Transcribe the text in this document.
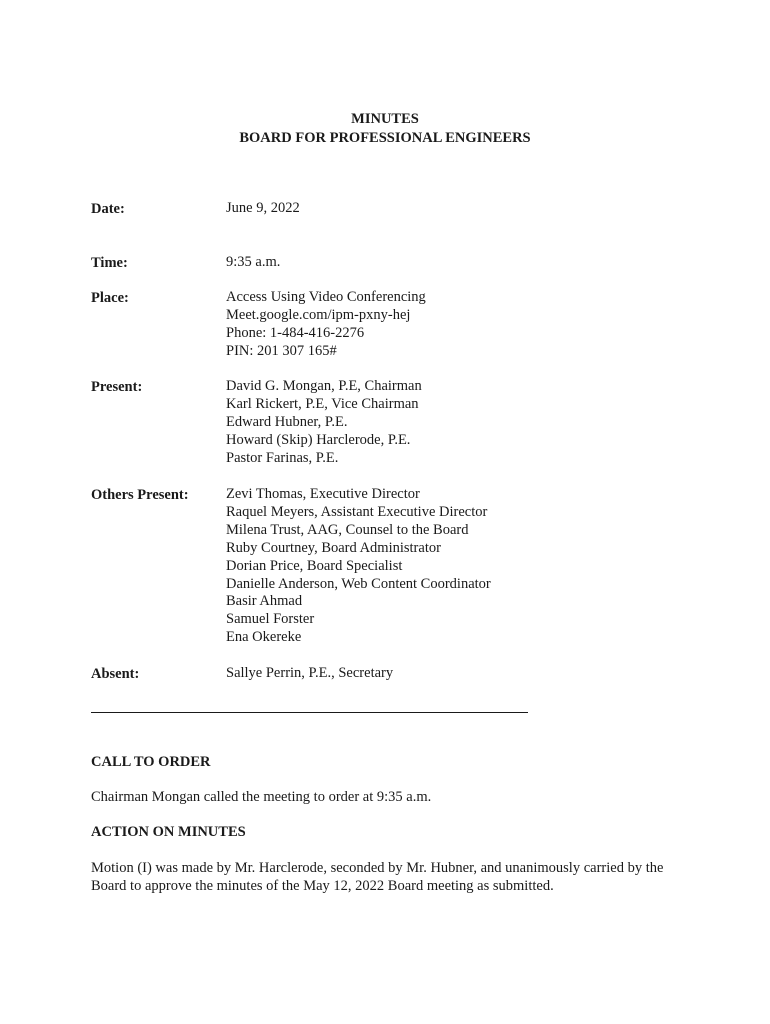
MINUTES
BOARD FOR PROFESSIONAL ENGINEERS
Date:	June 9, 2022
Time:	9:35 a.m.
Place:	Access Using Video Conferencing
Meet.google.com/ipm-pxny-hej
Phone: 1-484-416-2276
PIN: 201 307 165#
Present:	David G. Mongan, P.E, Chairman
Karl Rickert, P.E, Vice Chairman
Edward Hubner, P.E.
Howard (Skip) Harclerode, P.E.
Pastor Farinas, P.E.
Others Present:	Zevi Thomas, Executive Director
Raquel Meyers, Assistant Executive Director
Milena Trust, AAG, Counsel to the Board
Ruby Courtney, Board Administrator
Dorian Price, Board Specialist
Danielle Anderson, Web Content Coordinator
Basir Ahmad
Samuel Forster
Ena Okereke
Absent:	Sallye Perrin, P.E., Secretary
CALL TO ORDER
Chairman Mongan called the meeting to order at 9:35 a.m.
ACTION ON MINUTES
Motion (I) was made by Mr. Harclerode, seconded by Mr. Hubner, and unanimously carried by the Board to approve the minutes of the May 12, 2022 Board meeting as submitted.
